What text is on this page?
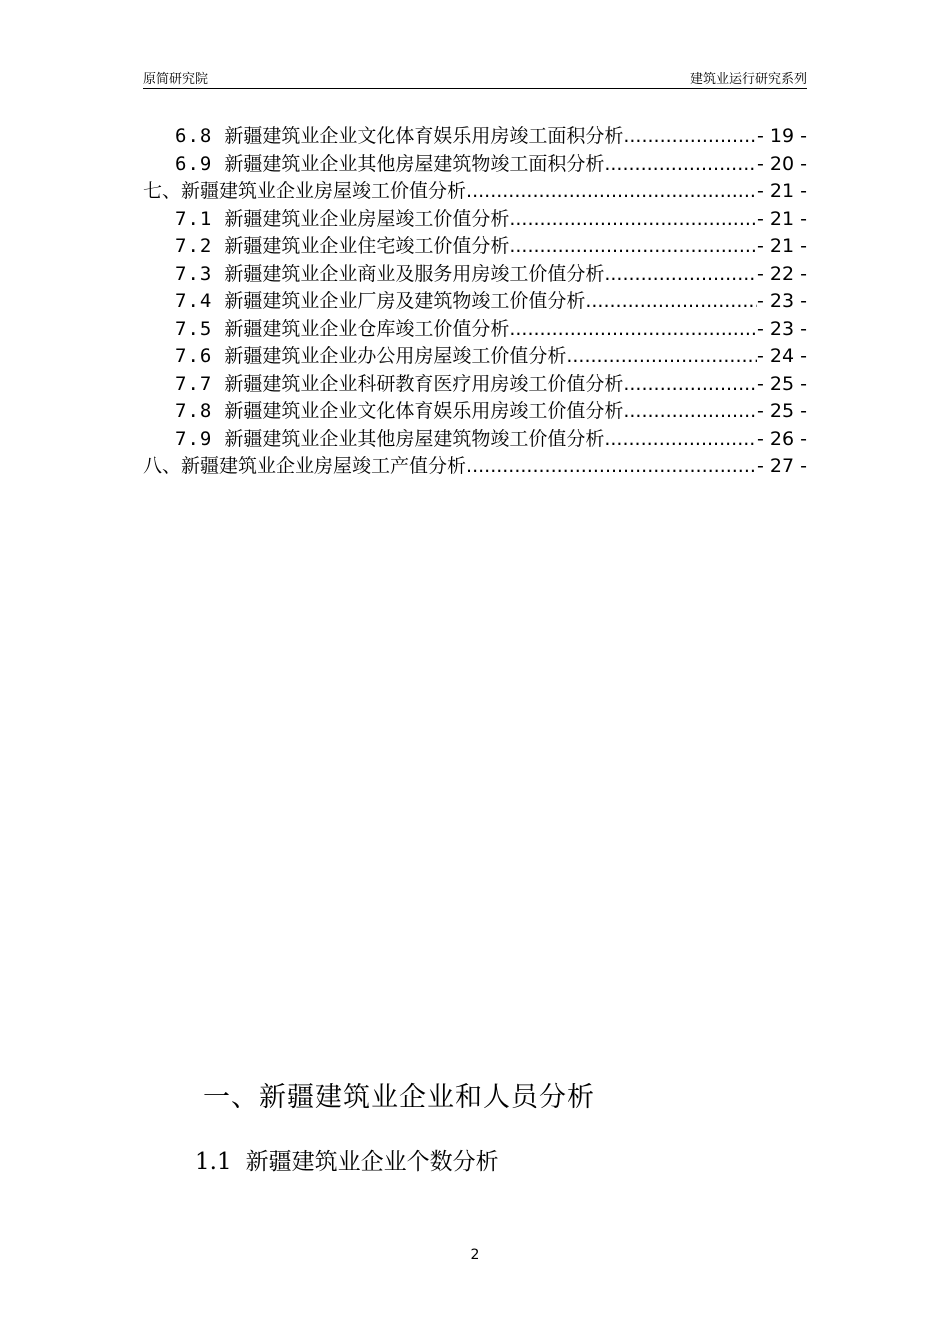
原简研究院	建筑业运行研究系列
6.8 新疆建筑业企业文化体育娱乐用房竣工面积分析 .....	- 19 -
6.9 新疆建筑业企业其他房屋建筑物竣工面积分析 .....	- 20 -
七、 新疆建筑业企业房屋竣工价值分析 .....	- 21 -
7.1 新疆建筑业企业房屋竣工价值分析 .....	- 21 -
7.2 新疆建筑业企业住宅竣工价值分析 .....	- 21 -
7.3 新疆建筑业企业商业及服务用房竣工价值分析 .....	- 22 -
7.4 新疆建筑业企业厂房及建筑物竣工价值分析 .....	- 23 -
7.5 新疆建筑业企业仓库竣工价值分析 .....	- 23 -
7.6 新疆建筑业企业办公用房屋竣工价值分析 .....	- 24 -
7.7 新疆建筑业企业科研教育医疗用房竣工价值分析 .....	- 25 -
7.8 新疆建筑业企业文化体育娱乐用房竣工价值分析 .....	- 25 -
7.9 新疆建筑业企业其他房屋建筑物竣工价值分析 .....	- 26 -
八、 新疆建筑业企业房屋竣工产值分析 .....	- 27 -
一、新疆建筑业企业和人员分析
1.1 新疆建筑业企业个数分析
2
